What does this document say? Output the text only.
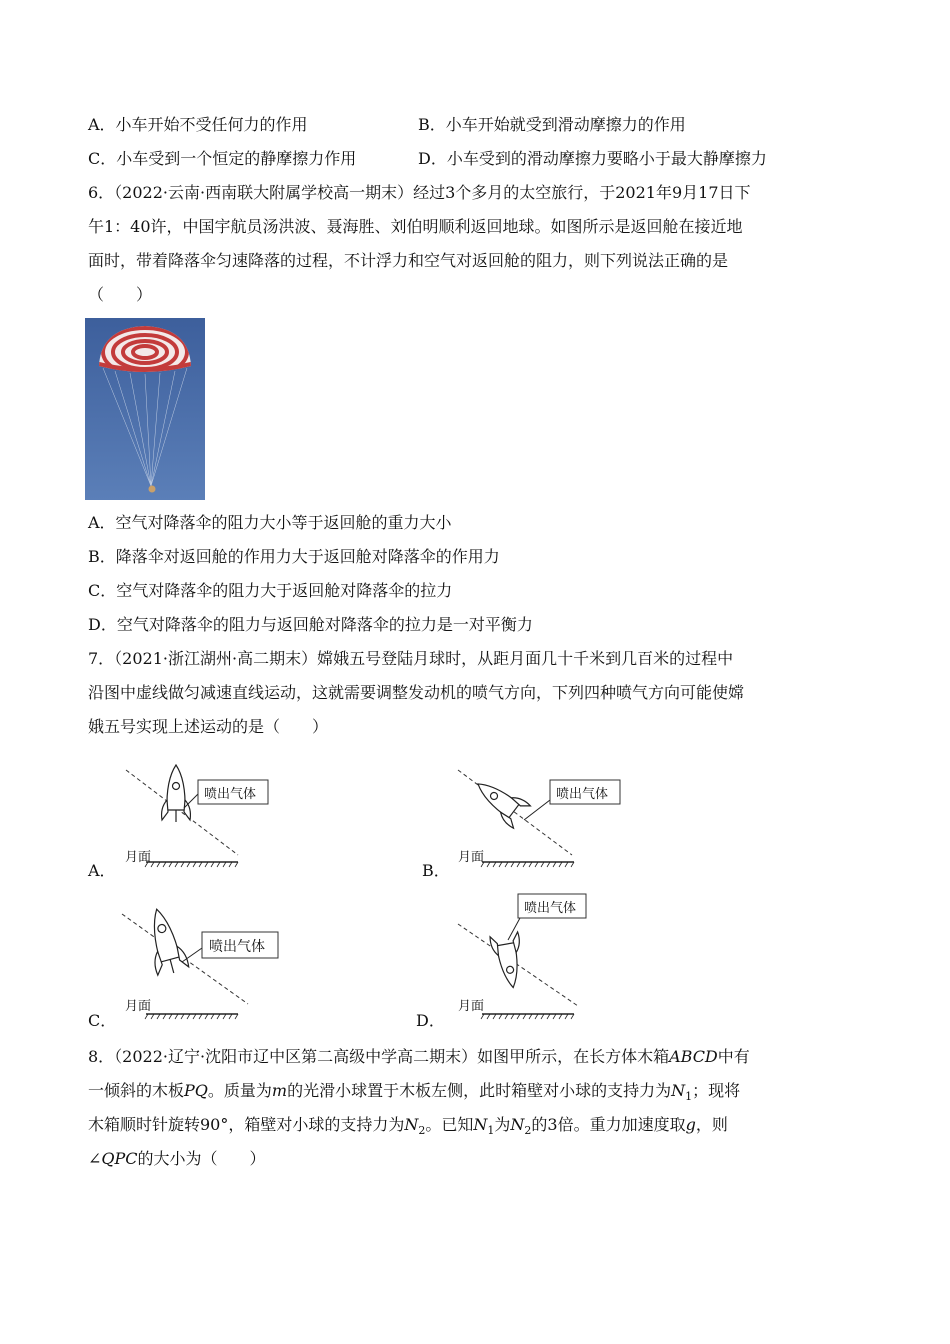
A．小车开始不受任何力的作用	B．小车开始就受到滑动摩擦力的作用
C．小车受到一个恒定的静摩擦力作用	D．小车受到的滑动摩擦力要略小于最大静摩擦力
6．（2022·云南·西南联大附属学校高一期末）经过3个多月的太空旅行，于2021年9月17日下
午1：40许，中国宇航员汤洪波、聂海胜、刘伯明顺利返回地球。如图所示是返回舱在接近地
面时，带着降落伞匀速降落的过程，不计浮力和空气对返回舱的阻力，则下列说法正确的是
（　　）
A．空气对降落伞的阻力大小等于返回舱的重力大小
B．降落伞对返回舱的作用力大于返回舱对降落伞的作用力
C．空气对降落伞的阻力大于返回舱对降落伞的拉力
D．空气对降落伞的阻力与返回舱对降落伞的拉力是一对平衡力
7．（2021·浙江湖州·高二期末）嫦娥五号登陆月球时，从距月面几十千米到几百米的过程中
沿图中虚线做匀减速直线运动，这就需要调整发动机的喷气方向，下列四种喷气方向可能使嫦
娥五号实现上述运动的是（　　）
喷出气体
月面
A．
喷出气体
月面
B．
喷出气体
月面
C．
喷出气体
月面
D．
8．（2022·辽宁·沈阳市辽中区第二高级中学高二期末）如图甲所示，在长方体木箱ABCD中有
一倾斜的木板PQ。质量为m的光滑小球置于木板左侧，此时箱壁对小球的支持力为$N_1$；现将
木箱顺时针旋转90°，箱壁对小球的支持力为$N_2$。已知$N_1$为$N_2$的3倍。重力加速度取g，则
∠QPC的大小为（　　）
